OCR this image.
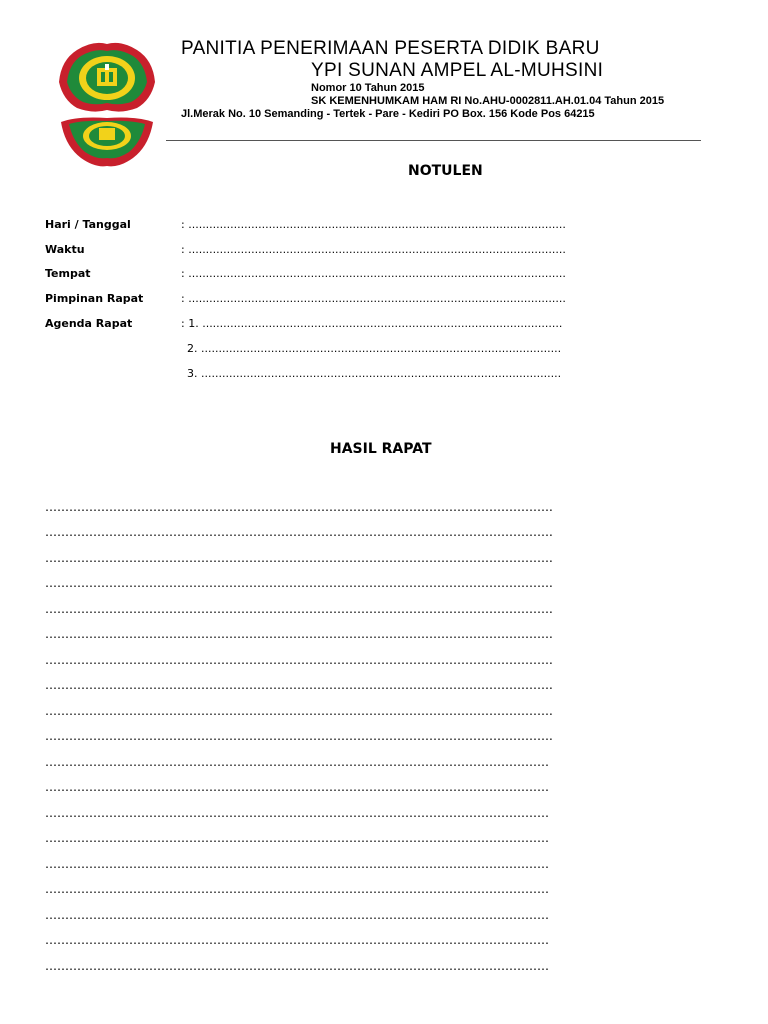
PANITIA PENERIMAAN PESERTA DIDIK BARU
YPI SUNAN AMPEL AL-MUHSINI
Nomor 10 Tahun 2015
SK KEMENHUMKAM HAM RI No.AHU-0002811.AH.01.04 Tahun 2015
Jl.Merak No. 10 Semanding - Tertek - Pare - Kediri PO Box. 156 Kode Pos 64215
NOTULEN
Hari / Tanggal	: ............................................................................................................
Waktu	: ............................................................................................................
Tempat	: ............................................................................................................
Pimpinan Rapat	: ............................................................................................................
Agenda Rapat	: 1. .......................................................................................................
2. .......................................................................................................
3. .......................................................................................................
HASIL RAPAT
……………………………………………………………………………………………………………….
……………………………………………………………………………………………………………….
……………………………………………………………………………………………………………….
……………………………………………………………………………………………………………….
……………………………………………………………………………………………………………….
……………………………………………………………………………………………………………….
……………………………………………………………………………………………………………….
……………………………………………………………………………………………………………….
……………………………………………………………………………………………………………….
……………………………………………………………………………………………………………….
………………………………………………………………………………………………………………
………………………………………………………………………………………………………………
………………………………………………………………………………………………………………
………………………………………………………………………………………………………………
………………………………………………………………………………………………………………
………………………………………………………………………………………………………………
………………………………………………………………………………………………………………
………………………………………………………………………………………………………………
………………………………………………………………………………………………………………
